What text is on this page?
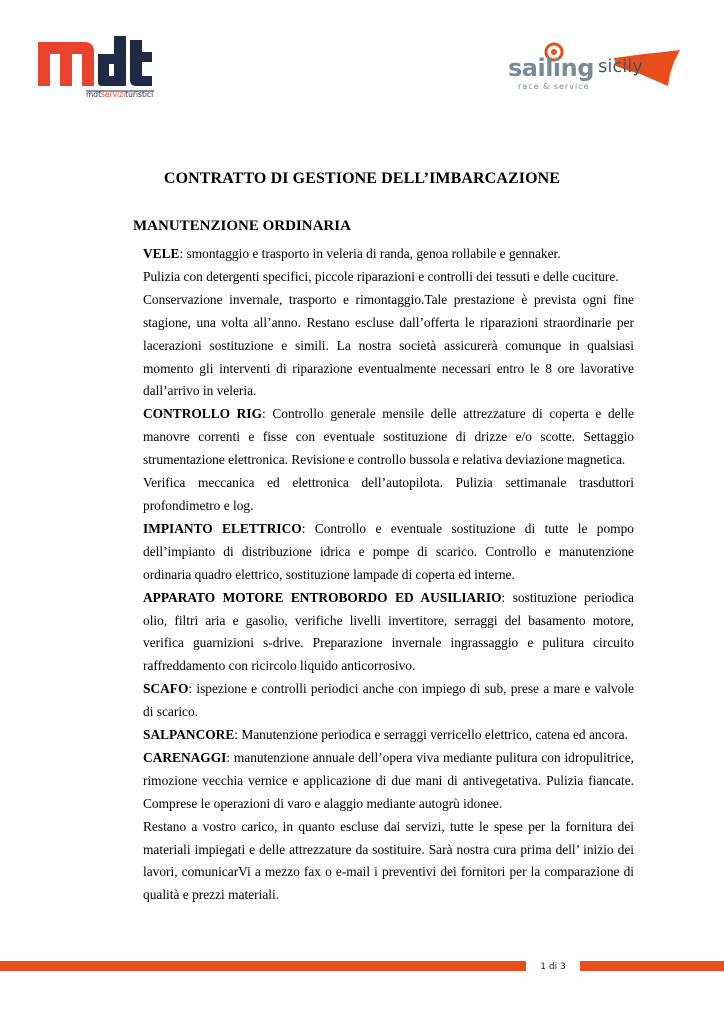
mdtservizituristici
sailing sicily
race & service
CONTRATTO DI GESTIONE DELL’IMBARCAZIONE
MANUTENZIONE ORDINARIA

VELE: smontaggio e trasporto in veleria di randa, genoa rollabile e gennaker.

Pulizia con detergenti specifici, piccole riparazioni e controlli dei tessuti e delle cuciture.

Conservazione invernale, trasporto e rimontaggio.Tale prestazione è prevista ogni fine stagione, una volta all’anno. Restano escluse dall’offerta le riparazioni straordinarie per lacerazioni sostituzione e simili. La nostra società assicurerà comunque in qualsiasi momento gli interventi di riparazione eventualmente necessari entro le 8 ore lavorative dall’arrivo in veleria.

CONTROLLO RIG: Controllo generale mensile delle attrezzature di coperta e delle manovre correnti e fisse con eventuale sostituzione di drizze e/o scotte. Settaggio strumentazione elettronica. Revisione e controllo bussola e relativa deviazione magnetica.

Verifica meccanica ed elettronica dell’autopilota. Pulizia settimanale trasduttori profondimetro e log.

IMPIANTO ELETTRICO: Controllo e eventuale sostituzione di tutte le pompo dell’impianto di distribuzione idrica e pompe di scarico. Controllo e manutenzione ordinaria quadro elettrico, sostituzione lampade di coperta ed interne.

APPARATO MOTORE ENTROBORDO ED AUSILIARIO: sostituzione periodica olio, filtri aria e gasolio, verifiche livelli invertitore, serraggi del basamento motore, verifica guarnizioni s-drive. Preparazione invernale ingrassaggio e pulitura circuito raffreddamento con ricircolo liquido anticorrosivo.

SCAFO: ispezione e controlli periodici anche con impiego di sub, prese a mare e valvole di scarico.

SALPANCORE: Manutenzione periodica e serraggi verricello elettrico, catena ed ancora.

CARENAGGI: manutenzione annuale dell’opera viva mediante pulitura con idropulitrice, rimozione vecchia vernice e applicazione di due mani di antivegetativa. Pulizia fiancate. Comprese le operazioni di varo e alaggio mediante autogrù idonee.

Restano a vostro carico, in quanto escluse dai servizi, tutte le spese per la fornitura dei materiali impiegati e delle attrezzature da sostituire. Sarà nostra cura prima dell’ inizio dei lavori, comunicarVi a mezzo fax o e-mail i preventivi dei fornitori per la comparazione di qualità e prezzi materiali.

1 di 3
